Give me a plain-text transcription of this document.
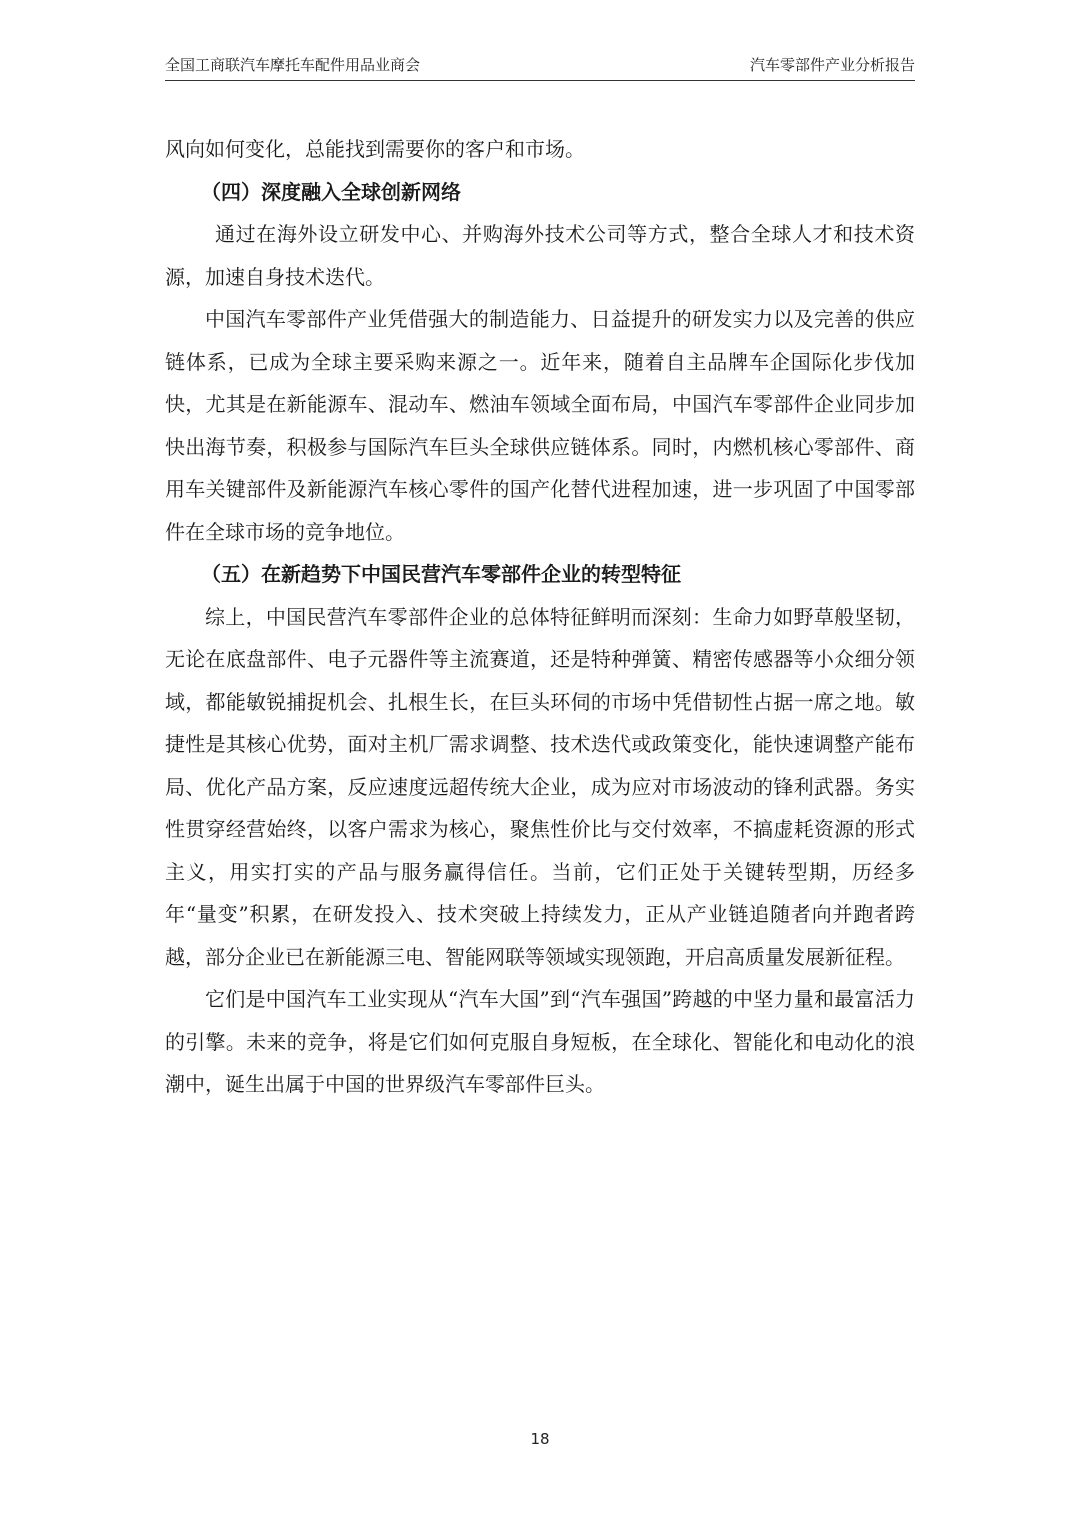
全国工商联汽车摩托车配件用品业商会	汽车零部件产业分析报告

风向如何变化，总能找到需要你的客户和市场。

（四）深度融入全球创新网络

通过在海外设立研发中心、并购海外技术公司等方式，整合全球人才和技术资源，加速自身技术迭代。

中国汽车零部件产业凭借强大的制造能力、日益提升的研发实力以及完善的供应链体系，已成为全球主要采购来源之一。近年来，随着自主品牌车企国际化步伐加快，尤其是在新能源车、混动车、燃油车领域全面布局，中国汽车零部件企业同步加快出海节奏，积极参与国际汽车巨头全球供应链体系。同时，内燃机核心零部件、商用车关键部件及新能源汽车核心零件的国产化替代进程加速，进一步巩固了中国零部件在全球市场的竞争地位。

（五）在新趋势下中国民营汽车零部件企业的转型特征

综上，中国民营汽车零部件企业的总体特征鲜明而深刻：生命力如野草般坚韧，无论在底盘部件、电子元器件等主流赛道，还是特种弹簧、精密传感器等小众细分领域，都能敏锐捕捉机会、扎根生长，在巨头环伺的市场中凭借韧性占据一席之地。敏捷性是其核心优势，面对主机厂需求调整、技术迭代或政策变化，能快速调整产能布局、优化产品方案，反应速度远超传统大企业，成为应对市场波动的锋利武器。务实性贯穿经营始终，以客户需求为核心，聚焦性价比与交付效率，不搞虚耗资源的形式主义，用实打实的产品与服务赢得信任。当前，它们正处于关键转型期，历经多年“量变”积累，在研发投入、技术突破上持续发力，正从产业链追随者向并跑者跨越，部分企业已在新能源三电、智能网联等领域实现领跑，开启高质量发展新征程。

它们是中国汽车工业实现从“汽车大国”到“汽车强国”跨越的中坚力量和最富活力的引擎。未来的竞争，将是它们如何克服自身短板，在全球化、智能化和电动化的浪潮中，诞生出属于中国的世界级汽车零部件巨头。

18
